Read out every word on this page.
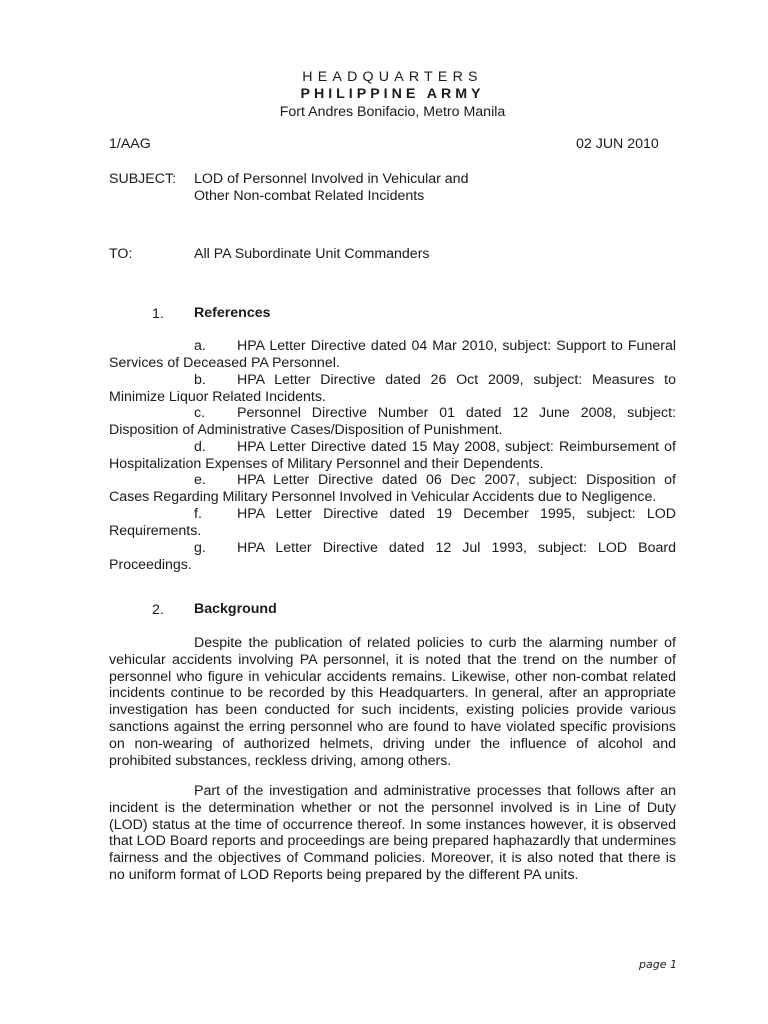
HEADQUARTERS
PHILIPPINE ARMY
Fort Andres Bonifacio, Metro Manila
1/AAG	02 JUN 2010
SUBJECT: LOD of Personnel Involved in Vehicular and
Other Non-combat Related Incidents
TO:	All PA Subordinate Unit Commanders
1. References
a.	HPA Letter Directive dated 04 Mar 2010, subject: Support to Funeral Services of Deceased PA Personnel.
b.	HPA Letter Directive dated 26 Oct 2009, subject: Measures to Minimize Liquor Related Incidents.
c.	Personnel Directive Number 01 dated 12 June 2008, subject: Disposition of Administrative Cases/Disposition of Punishment.
d.	HPA Letter Directive dated 15 May 2008, subject: Reimbursement of Hospitalization Expenses of Military Personnel and their Dependents.
e.	HPA Letter Directive dated 06 Dec 2007, subject: Disposition of Cases Regarding Military Personnel Involved in Vehicular Accidents due to Negligence.
f.	HPA Letter Directive dated 19 December 1995, subject: LOD Requirements.
g.	HPA Letter Directive dated 12 Jul 1993, subject: LOD Board Proceedings.
2. Background
Despite the publication of related policies to curb the alarming number of vehicular accidents involving PA personnel, it is noted that the trend on the number of personnel who figure in vehicular accidents remains. Likewise, other non-combat related incidents continue to be recorded by this Headquarters. In general, after an appropriate investigation has been conducted for such incidents, existing policies provide various sanctions against the erring personnel who are found to have violated specific provisions on non-wearing of authorized helmets, driving under the influence of alcohol and prohibited substances, reckless driving, among others.
Part of the investigation and administrative processes that follows after an incident is the determination whether or not the personnel involved is in Line of Duty (LOD) status at the time of occurrence thereof. In some instances however, it is observed that LOD Board reports and proceedings are being prepared haphazardly that undermines fairness and the objectives of Command policies. Moreover, it is also noted that there is no uniform format of LOD Reports being prepared by the different PA units.
page 1
